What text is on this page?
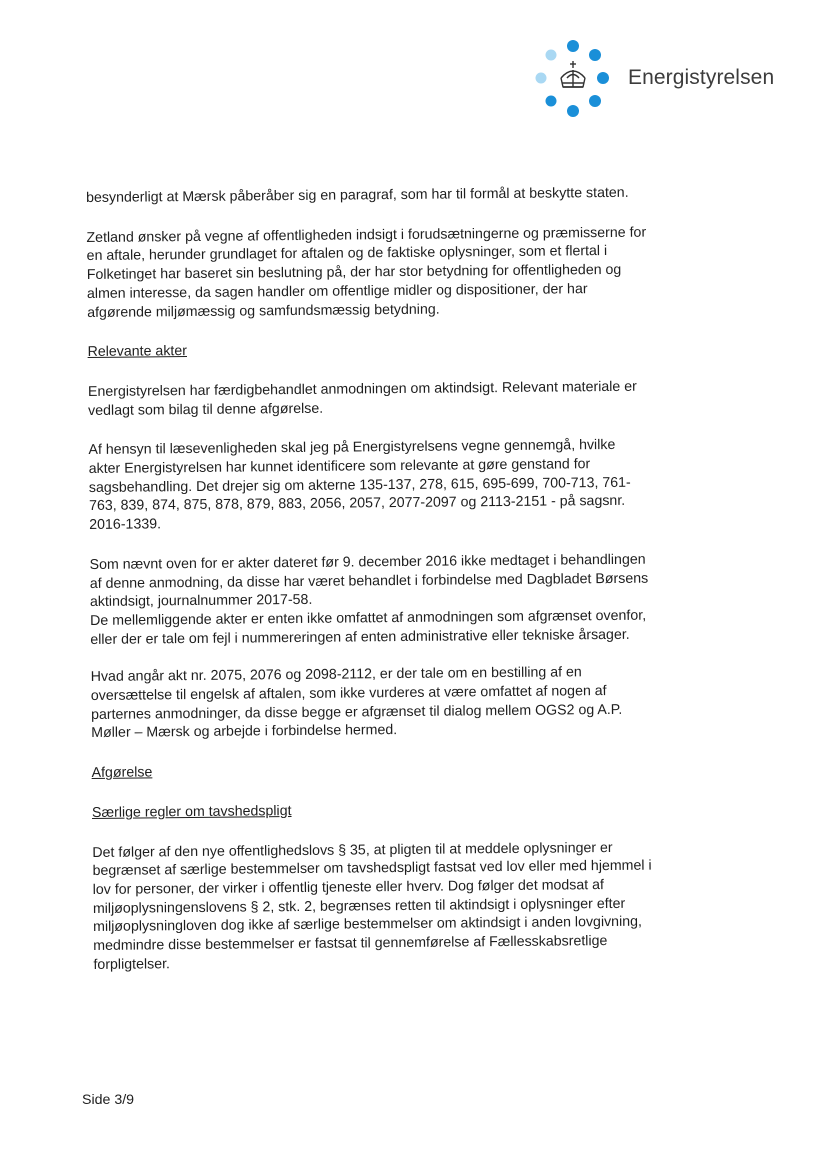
Energistyrelsen

besynderligt at Mærsk påberåber sig en paragraf, som har til formål at beskytte staten.

Zetland ønsker på vegne af offentligheden indsigt i forudsætningerne og præmisserne for en aftale, herunder grundlaget for aftalen og de faktiske oplysninger, som et flertal i Folketinget har baseret sin beslutning på, der har stor betydning for offentligheden og almen interesse, da sagen handler om offentlige midler og dispositioner, der har afgørende miljømæssig og samfundsmæssig betydning.

Relevante akter

Energistyrelsen har færdigbehandlet anmodningen om aktindsigt. Relevant materiale er vedlagt som bilag til denne afgørelse.

Af hensyn til læsevenligheden skal jeg på Energistyrelsens vegne gennemgå, hvilke akter Energistyrelsen har kunnet identificere som relevante at gøre genstand for sagsbehandling. Det drejer sig om akterne 135-137, 278, 615, 695-699, 700-713, 761-763, 839, 874, 875, 878, 879, 883, 2056, 2057, 2077-2097 og 2113-2151 - på sagsnr. 2016-1339.

Som nævnt oven for er akter dateret før 9. december 2016 ikke medtaget i behandlingen af denne anmodning, da disse har været behandlet i forbindelse med Dagbladet Børsens aktindsigt, journalnummer 2017-58.

De mellemliggende akter er enten ikke omfattet af anmodningen som afgrænset ovenfor, eller der er tale om fejl i nummereringen af enten administrative eller tekniske årsager.

Hvad angår akt nr. 2075, 2076 og 2098-2112, er der tale om en bestilling af en oversættelse til engelsk af aftalen, som ikke vurderes at være omfattet af nogen af parternes anmodninger, da disse begge er afgrænset til dialog mellem OGS2 og A.P. Møller – Mærsk og arbejde i forbindelse hermed.

Afgørelse
Særlige regler om tavshedspligt

Det følger af den nye offentlighedslovs § 35, at pligten til at meddele oplysninger er begrænset af særlige bestemmelser om tavshedspligt fastsat ved lov eller med hjemmel i lov for personer, der virker i offentlig tjeneste eller hverv. Dog følger det modsat af miljøoplysningenslovens § 2, stk. 2, begrænses retten til aktindsigt i oplysninger efter miljøoplysningloven dog ikke af særlige bestemmelser om aktindsigt i anden lovgivning, medmindre disse bestemmelser er fastsat til gennemførelse af Fællesskabsretlige forpligtelser.

Side 3/9
